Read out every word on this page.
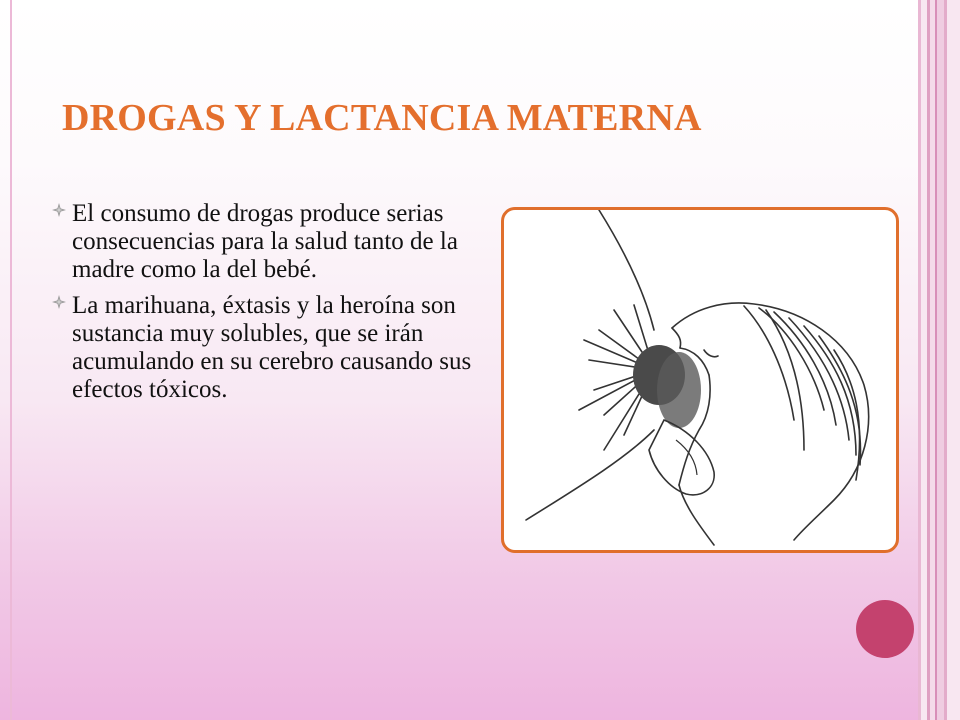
DROGAS Y LACTANCIA MATERNA
El consumo de drogas produce serias consecuencias para la salud tanto de la madre como la del bebé.
La marihuana, éxtasis y la heroína son sustancia muy solubles, que se irán acumulando en su cerebro causando sus efectos tóxicos.
